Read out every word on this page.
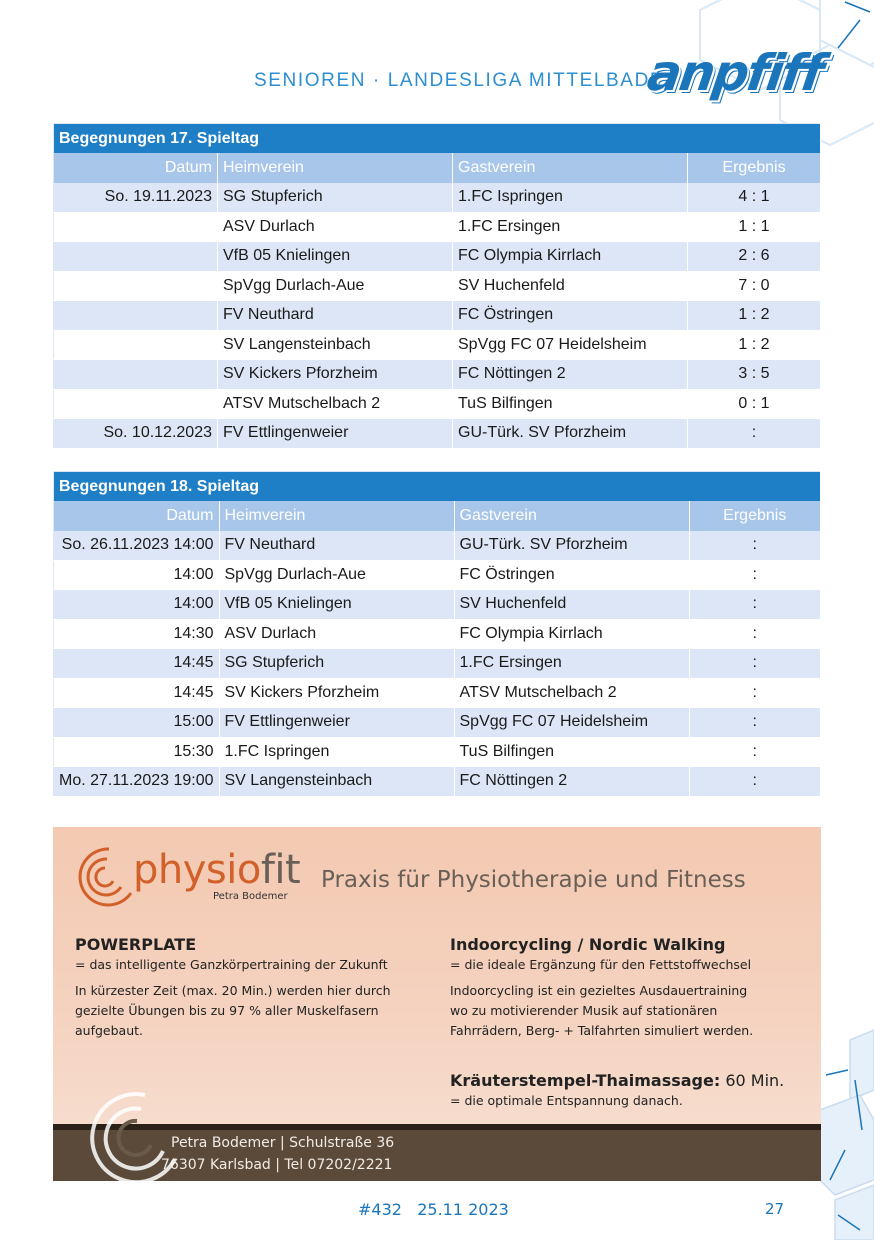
SENIOREN · LANDESLIGA MITTELBADEN
anpfiff
Begegnungen 17. Spieltag			
Datum	Heimverein	Gastverein	Ergebnis
So. 19.11.2023	SG Stupferich	1.FC Ispringen	4 : 1
	ASV Durlach	1.FC Ersingen	1 : 1
	VfB 05 Knielingen	FC Olympia Kirrlach	2 : 6
	SpVgg Durlach-Aue	SV Huchenfeld	7 : 0
	FV Neuthard	FC Östringen	1 : 2
	SV Langensteinbach	SpVgg FC 07 Heidelsheim	1 : 2
	SV Kickers Pforzheim	FC Nöttingen 2	3 : 5
	ATSV Mutschelbach 2	TuS Bilfingen	0 : 1
So. 10.12.2023	FV Ettlingenweier	GU-Türk. SV Pforzheim	:
Begegnungen 18. Spieltag			
Datum	Heimverein	Gastverein	Ergebnis
So. 26.11.2023 14:00	FV Neuthard	GU-Türk. SV Pforzheim	:
14:00	SpVgg Durlach-Aue	FC Östringen	:
14:00	VfB 05 Knielingen	SV Huchenfeld	:
14:30	ASV Durlach	FC Olympia Kirrlach	:
14:45	SG Stupferich	1.FC Ersingen	:
14:45	SV Kickers Pforzheim	ATSV Mutschelbach 2	:
15:00	FV Ettlingenweier	SpVgg FC 07 Heidelsheim	:
15:30	1.FC Ispringen	TuS Bilfingen	:
Mo. 27.11.2023 19:00	SV Langensteinbach	FC Nöttingen 2	:
physiofit
Petra Bodemer
Praxis für Physiotherapie und Fitness
POWERPLATE
= das intelligente Ganzkörpertraining der Zukunft
In kürzester Zeit (max. 20 Min.) werden hier durch
gezielte Übungen bis zu 97 % aller Muskelfasern
aufgebaut.
Indoorcycling / Nordic Walking
= die ideale Ergänzung für den Fettstoffwechsel
Indoorcycling ist ein gezieltes Ausdauertraining
wo zu motivierender Musik auf stationären
Fahrrädern, Berg- + Talfahrten simuliert werden.
Kräuterstempel-Thaimassage: 60 Min.
= die optimale Entspannung danach.
Petra Bodemer | Schulstraße 36
76307 Karlsbad | Tel 07202/2221
#432   25.11 2023	27
